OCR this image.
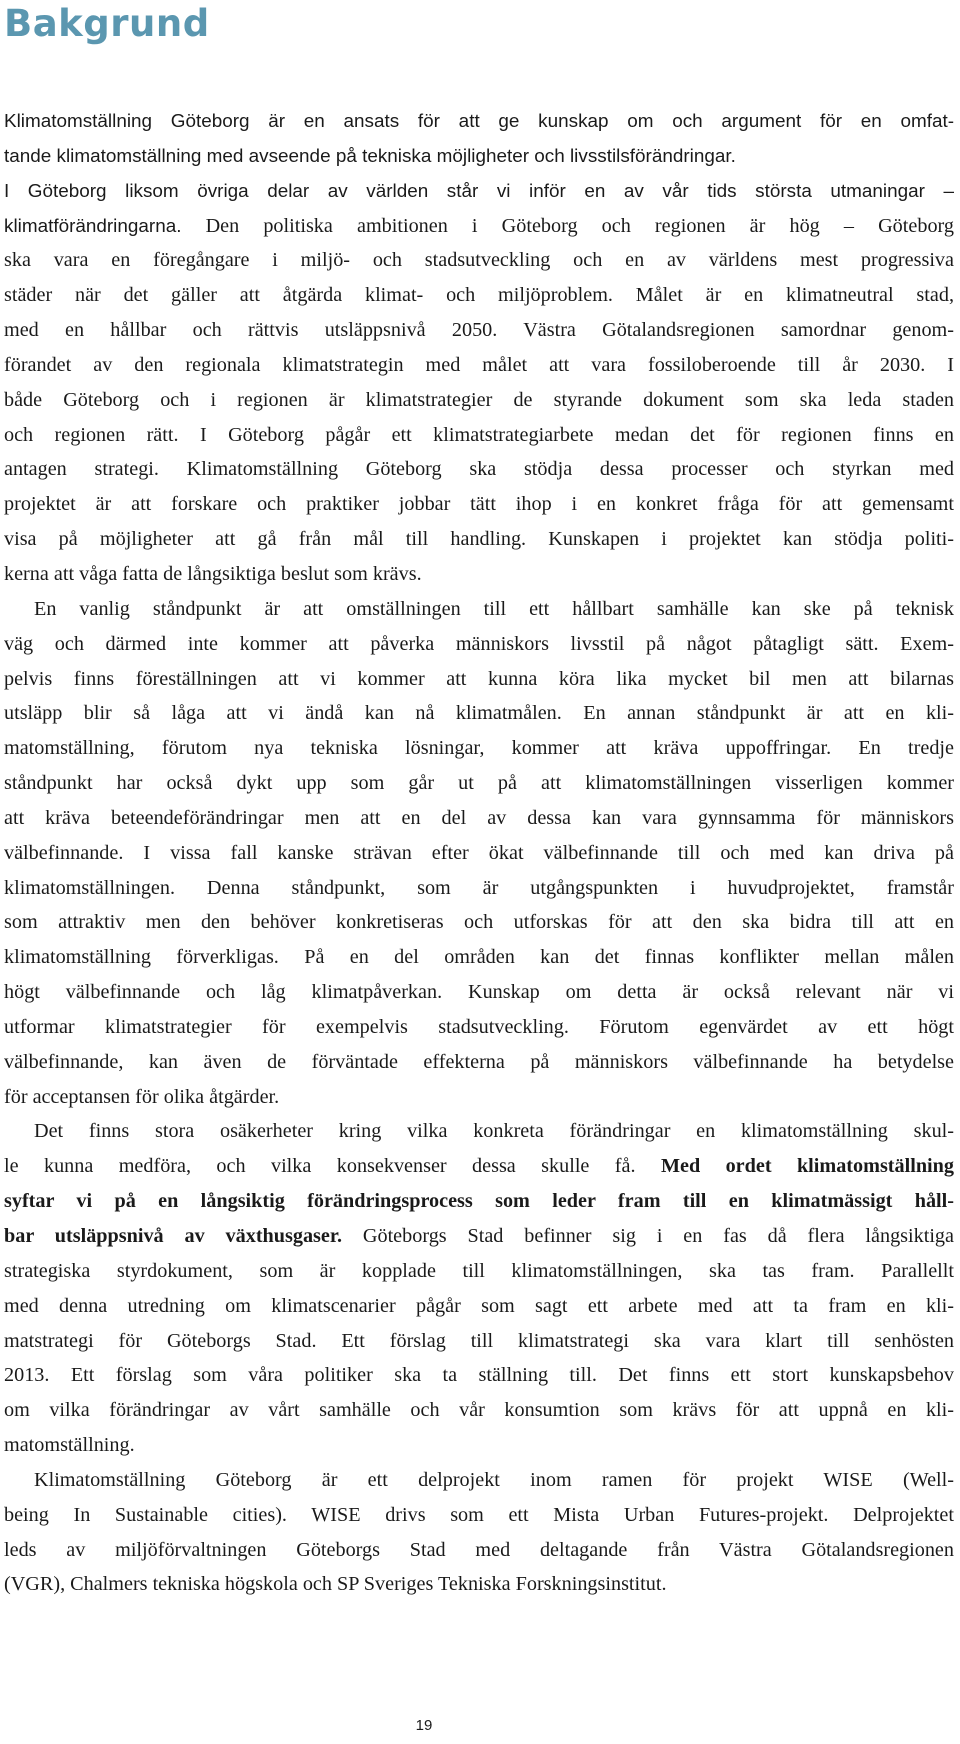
Bakgrund
Klimatomställning Göteborg är en ansats för att ge kunskap om och argument för en omfat-
tande klimatomställning med avseende på tekniska möjligheter och livsstilsförändringar.
I Göteborg liksom övriga delar av världen står vi inför en av vår tids största utmaningar –
klimatförändringarna. Den politiska ambitionen i Göteborg och regionen är hög – Göteborg
ska vara en föregångare i miljö- och stadsutveckling och en av världens mest progressiva
städer när det gäller att åtgärda klimat- och miljöproblem. Målet är en klimatneutral stad,
med en hållbar och rättvis utsläppsnivå 2050. Västra Götalandsregionen samordnar genom-
förandet av den regionala klimatstrategin med målet att vara fossiloberoende till år 2030. I
både Göteborg och i regionen är klimatstrategier de styrande dokument som ska leda staden
och regionen rätt. I Göteborg pågår ett klimatstrategiarbete medan det för regionen finns en
antagen strategi. Klimatomställning Göteborg ska stödja dessa processer och styrkan med
projektet är att forskare och praktiker jobbar tätt ihop i en konkret fråga för att gemensamt
visa på möjligheter att gå från mål till handling. Kunskapen i projektet kan stödja politi-
kerna att våga fatta de långsiktiga beslut som krävs.
En vanlig ståndpunkt är att omställningen till ett hållbart samhälle kan ske på teknisk
väg och därmed inte kommer att påverka människors livsstil på något påtagligt sätt. Exem-
pelvis finns föreställningen att vi kommer att kunna köra lika mycket bil men att bilarnas
utsläpp blir så låga att vi ändå kan nå klimatmålen. En annan ståndpunkt är att en kli-
matomställning, förutom nya tekniska lösningar, kommer att kräva uppoffringar. En tredje
ståndpunkt har också dykt upp som går ut på att klimatomställningen visserligen kommer
att kräva beteendeförändringar men att en del av dessa kan vara gynnsamma för människors
välbefinnande. I vissa fall kanske strävan efter ökat välbefinnande till och med kan driva på
klimatomställningen. Denna ståndpunkt, som är utgångspunkten i huvudprojektet, framstår
som attraktiv men den behöver konkretiseras och utforskas för att den ska bidra till att en
klimatomställning förverkligas. På en del områden kan det finnas konflikter mellan målen
högt välbefinnande och låg klimatpåverkan. Kunskap om detta är också relevant när vi
utformar klimatstrategier för exempelvis stadsutveckling. Förutom egenvärdet av ett högt
välbefinnande, kan även de förväntade effekterna på människors välbefinnande ha betydelse
för acceptansen för olika åtgärder.
Det finns stora osäkerheter kring vilka konkreta förändringar en klimatomställning skul-
le kunna medföra, och vilka konsekvenser dessa skulle få. Med ordet klimatomställning
syftar vi på en långsiktig förändringsprocess som leder fram till en klimatmässigt håll-
bar utsläppsnivå av växthusgaser. Göteborgs Stad befinner sig i en fas då flera långsiktiga
strategiska styrdokument, som är kopplade till klimatomställningen, ska tas fram. Parallellt
med denna utredning om klimatscenarier pågår som sagt ett arbete med att ta fram en kli-
matstrategi för Göteborgs Stad. Ett förslag till klimatstrategi ska vara klart till senhösten
2013. Ett förslag som våra politiker ska ta ställning till. Det finns ett stort kunskapsbehov
om vilka förändringar av vårt samhälle och vår konsumtion som krävs för att uppnå en kli-
matomställning.
Klimatomställning Göteborg är ett delprojekt inom ramen för projekt WISE (Well-
being In Sustainable cities). WISE drivs som ett Mista Urban Futures-projekt. Delprojektet
leds av miljöförvaltningen Göteborgs Stad med deltagande från Västra Götalandsregionen
(VGR), Chalmers tekniska högskola och SP Sveriges Tekniska Forskningsinstitut.
19
